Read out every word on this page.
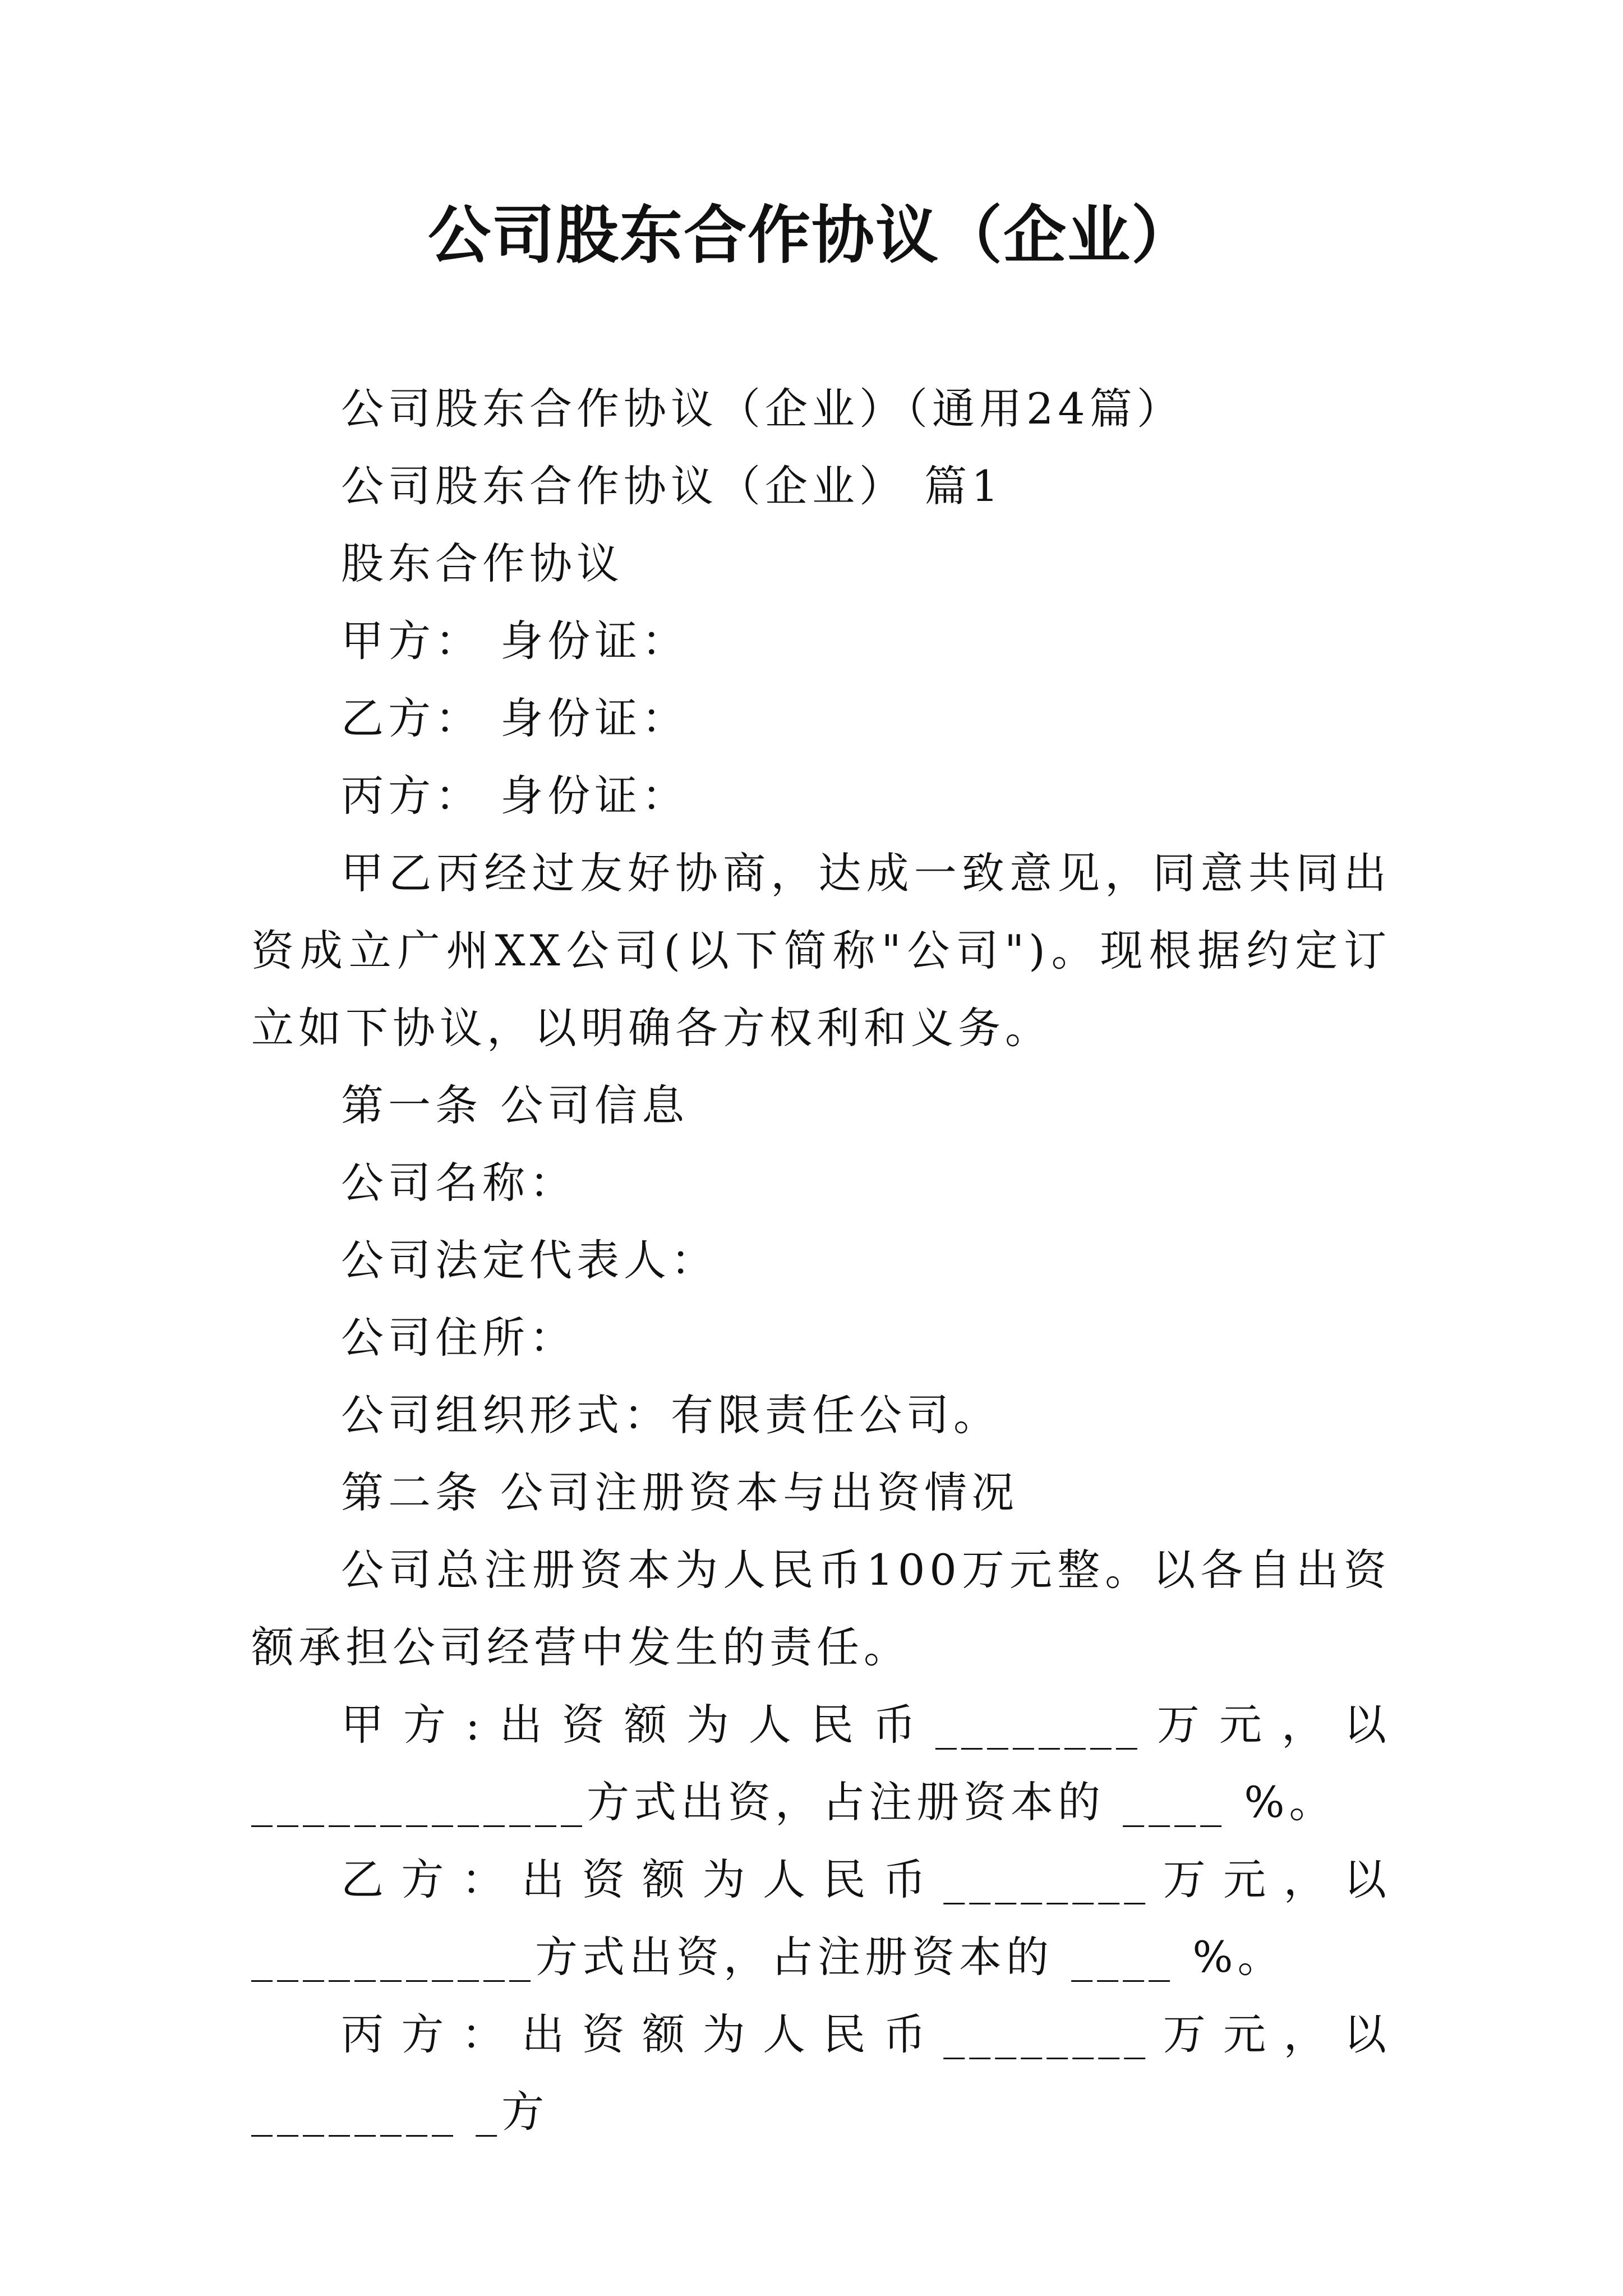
公司股东合作协议（企业）

公司股东合作协议（企业）（通用24篇）

公司股东合作协议（企业） 篇1

股东合作协议

甲方： 身份证：

乙方： 身份证：

丙方： 身份证：

甲乙丙经过友好协商，达成一致意见，同意共同出资成立广州XX公司(以下简称"公司")。现根据约定订立如下协议，以明确各方权利和义务。

第一条 公司信息

公司名称：

公司法定代表人：

公司住所：

公司组织形式：有限责任公司。

第二条 公司注册资本与出资情况

公司总注册资本为人民币100万元整。以各自出资额承担公司经营中发生的责任。

甲方:出资额为人民币________万元，以_____________方式出资，占注册资本的 ____ %。

乙方：出资额为人民币________万元，以___________方式出资，占注册资本的 ____ %。

丙方：出资额为人民币________万元，以________ _方
